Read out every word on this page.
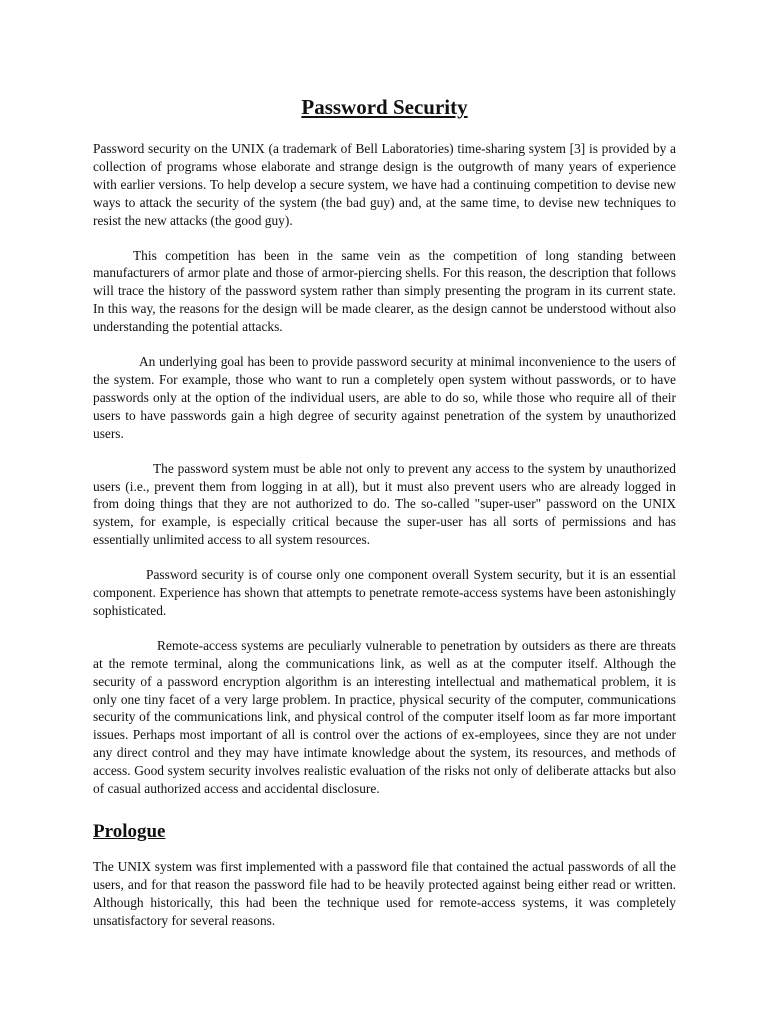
Password Security

Password security on the UNIX (a trademark of Bell Laboratories) time-sharing system [3] is provided by a collection of programs whose elaborate and strange design is the outgrowth of many years of experience with earlier versions. To help develop a secure system, we have had a continuing competition to devise new ways to attack the security of the system (the bad guy) and, at the same time, to devise new techniques to resist the new attacks (the good guy).

This competition has been in the same vein as the competition of long standing between manufacturers of armor plate and those of armor-piercing shells. For this reason, the description that follows will trace the history of the password system rather than simply presenting the program in its current state. In this way, the reasons for the design will be made clearer, as the design cannot be understood without also understanding the potential attacks.

An underlying goal has been to provide password security at minimal inconvenience to the users of the system. For example, those who want to run a completely open system without passwords, or to have passwords only at the option of the individual users, are able to do so, while those who require all of their users to have passwords gain a high degree of security against penetration of the system by unauthorized users.

The password system must be able not only to prevent any access to the system by unauthorized users (i.e., prevent them from logging in at all), but it must also prevent users who are already logged in from doing things that they are not authorized to do. The so-called "super-user" password on the UNIX system, for example, is especially critical because the super-user has all sorts of permissions and has essentially unlimited access to all system resources.

Password security is of course only one component overall System security, but it is an essential component. Experience has shown that attempts to penetrate remote-access systems have been astonishingly sophisticated.

Remote-access systems are peculiarly vulnerable to penetration by outsiders as there are threats at the remote terminal, along the communications link, as well as at the computer itself. Although the security of a password encryption algorithm is an interesting intellectual and mathematical problem, it is only one tiny facet of a very large problem. In practice, physical security of the computer, communications security of the communications link, and physical control of the computer itself loom as far more important issues. Perhaps most important of all is control over the actions of ex-employees, since they are not under any direct control and they may have intimate knowledge about the system, its resources, and methods of access. Good system security involves realistic evaluation of the risks not only of deliberate attacks but also of casual authorized access and accidental disclosure.

Prologue

The UNIX system was first implemented with a password file that contained the actual passwords of all the users, and for that reason the password file had to be heavily protected against being either read or written. Although historically, this had been the technique used for remote-access systems, it was completely unsatisfactory for several reasons.
